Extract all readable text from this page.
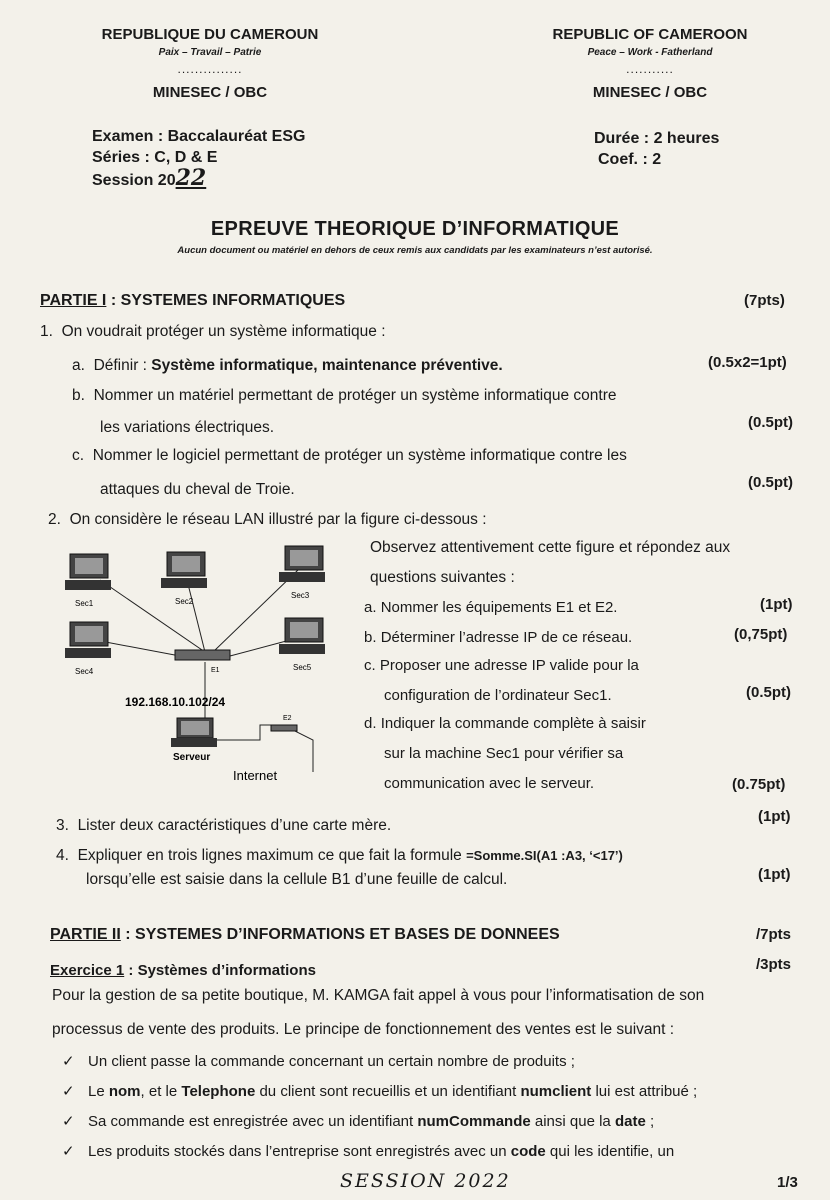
REPUBLIQUE DU CAMEROUN
Paix – Travail – Patrie
...............
MINESEC / OBC
REPUBLIC OF CAMEROON
Peace – Work - Fatherland
...........
MINESEC / OBC
Examen : Baccalauréat ESG
Séries : C, D & E
Session 2022
Durée : 2 heures
Coef. : 2
EPREUVE THEORIQUE D’INFORMATIQUE
Aucun document ou matériel en dehors de ceux remis aux candidats par les examinateurs n’est autorisé.
PARTIE I : SYSTEMES INFORMATIQUES	(7pts)
1. On voudrait protéger un système informatique :
a. Définir : Système informatique, maintenance préventive.	(0.5x2=1pt)
b. Nommer un matériel permettant de protéger un système informatique contre
les variations électriques.	(0.5pt)
c. Nommer le logiciel permettant de protéger un système informatique contre les
attaques du cheval de Troie.	(0.5pt)
2. On considère le réseau LAN illustré par la figure ci-dessous :
Sec1	Sec2
Sec3
Sec4	Sec5
E1
E2
192.168.10.102/24
Serveur
Internet
Observez attentivement cette figure et répondez aux
questions suivantes :
a. Nommer les équipements E1 et E2.	(1pt)
b. Déterminer l’adresse IP de ce réseau.	(0,75pt)
c. Proposer une adresse IP valide pour la
configuration de l’ordinateur Sec1.	(0.5pt)
d. Indiquer la commande complète à saisir
sur la machine Sec1 pour vérifier sa
communication avec le serveur.	(0.75pt)
3. Lister deux caractéristiques d’une carte mère.
(1pt)
4. Expliquer en trois lignes maximum ce que fait la formule =Somme.SI(A1 :A3, ‘<17’)
lorsqu’elle est saisie dans la cellule B1 d’une feuille de calcul.	(1pt)
PARTIE II : SYSTEMES D’INFORMATIONS ET BASES DE DONNEES	/7pts
Exercice 1 : Systèmes d’informations	/3pts
Pour la gestion de sa petite boutique, M. KAMGA fait appel à vous pour l’informatisation de son
processus de vente des produits. Le principe de fonctionnement des ventes est le suivant :
✓ Un client passe la commande concernant un certain nombre de produits ;
✓ Le nom, et le Telephone du client sont recueillis et un identifiant numclient lui est attribué ;
✓ Sa commande est enregistrée avec un identifiant numCommande ainsi que la date ;
✓ Les produits stockés dans l’entreprise sont enregistrés avec un code qui les identifie, un
SESSION 2022	1/3
